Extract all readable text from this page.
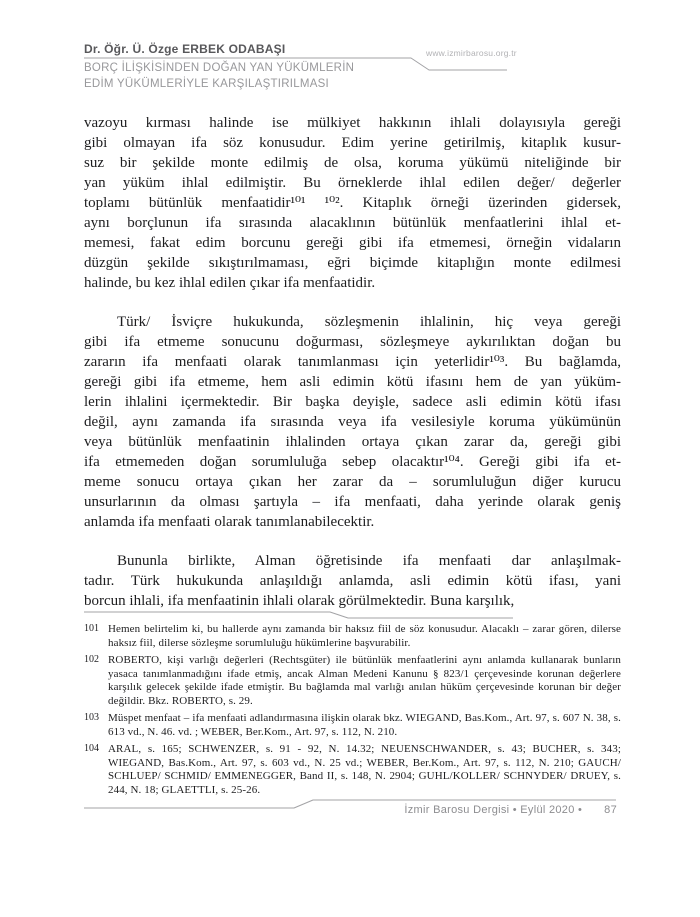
Dr. Öğr. Ü. Özge ERBEK ODABAŞI	www.izmirbarosu.org.tr
BORÇ İLİŞKİSİNDEN DOĞAN YAN YÜKÜMLERİN
EDİM YÜKÜMLERİYLE KARŞILAŞTIRILMASI
vazoyu kırması halinde ise mülkiyet hakkının ihlali dolayısıyla gereği
gibi olmayan ifa söz konusudur. Edim yerine getirilmiş, kitaplık kusur-
suz bir şekilde monte edilmiş de olsa, koruma yükümü niteliğinde bir
yan yüküm ihlal edilmiştir. Bu örneklerde ihlal edilen değer/ değerler
toplamı bütünlük menfaatidir¹⁰¹ ¹⁰². Kitaplık örneği üzerinden gidersek,
aynı borçlunun ifa sırasında alacaklının bütünlük menfaatlerini ihlal et-
memesi, fakat edim borcunu gereği gibi ifa etmemesi, örneğin vidaların
düzgün şekilde sıkıştırılmaması, eğri biçimde kitaplığın monte edilmesi
halinde, bu kez ihlal edilen çıkar ifa menfaatidir.
Türk/ İsviçre hukukunda, sözleşmenin ihlalinin, hiç veya gereği
gibi ifa etmeme sonucunu doğurması, sözleşmeye aykırılıktan doğan bu
zararın ifa menfaati olarak tanımlanması için yeterlidir¹⁰³. Bu bağlamda,
gereği gibi ifa etmeme, hem asli edimin kötü ifasını hem de yan yüküm-
lerin ihlalini içermektedir. Bir başka deyişle, sadece asli edimin kötü ifası
değil, aynı zamanda ifa sırasında veya ifa vesilesiyle koruma yükümünün
veya bütünlük menfaatinin ihlalinden ortaya çıkan zarar da, gereği gibi
ifa etmemeden doğan sorumluluğa sebep olacaktır¹⁰⁴. Gereği gibi ifa et-
meme sonucu ortaya çıkan her zarar da – sorumluluğun diğer kurucu
unsurlarının da olması şartıyla – ifa menfaati, daha yerinde olarak geniş
anlamda ifa menfaati olarak tanımlanabilecektir.
Bununla birlikte, Alman öğretisinde ifa menfaati dar anlaşılmak-
tadır. Türk hukukunda anlaşıldığı anlamda, asli edimin kötü ifası, yani
borcun ihlali, ifa menfaatinin ihlali olarak görülmektedir. Buna karşılık,
101 Hemen belirtelim ki, bu hallerde aynı zamanda bir haksız fiil de söz konusudur. Alacaklı – zarar gören, dilerse haksız fiil, dilerse sözleşme sorumluluğu hükümlerine başvurabilir.
102 ROBERTO, kişi varlığı değerleri (Rechtsgüter) ile bütünlük menfaatlerini aynı anlamda kullanarak bunların yasaca tanımlanmadığını ifade etmiş, ancak Alman Medeni Kanunu § 823/1 çerçevesinde korunan değerlere karşılık gelecek şekilde ifade etmiştir. Bu bağlamda mal varlığı anılan hüküm çerçevesinde korunan bir değer değildir. Bkz. ROBERTO, s. 29.
103 Müspet menfaat – ifa menfaati adlandırmasına ilişkin olarak bkz. WIEGAND, Bas.Kom., Art. 97, s. 607 N. 38, s. 613 vd., N. 46. vd. ; WEBER, Ber.Kom., Art. 97, s. 112, N. 210.
104 ARAL, s. 165; SCHWENZER, s. 91 - 92, N. 14.32; NEUENSCHWANDER, s. 43; BUCHER, s. 343; WIEGAND, Bas.Kom., Art. 97, s. 603 vd., N. 25 vd.; WEBER, Ber.Kom., Art. 97, s. 112, N. 210; GAUCH/ SCHLUEP/ SCHMID/ EMMENEGGER, Band II, s. 148, N. 2904; GUHL/KOLLER/ SCHNYDER/ DRUEY, s. 244, N. 18; GLAETTLI, s. 25-26.
İzmir Barosu Dergisi • Eylül 2020 • 87
